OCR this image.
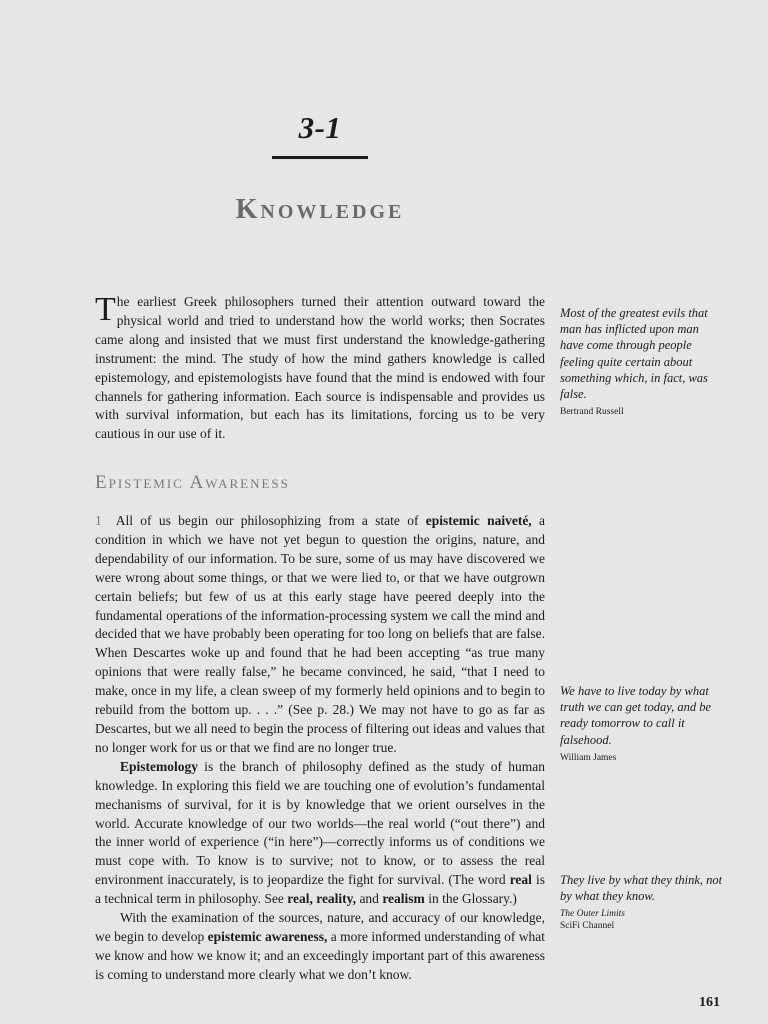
3-1
Knowledge
The earliest Greek philosophers turned their attention outward toward the physical world and tried to understand how the world works; then Socrates came along and insisted that we must first understand the knowledge-gathering instrument: the mind. The study of how the mind gathers knowledge is called epistemology, and epistemologists have found that the mind is endowed with four channels for gathering information. Each source is indispensable and provides us with survival information, but each has its limitations, forcing us to be very cautious in our use of it.
Most of the greatest evils that man has inflicted upon man have come through people feeling quite certain about something which, in fact, was false.
Bertrand Russell
Epistemic Awareness

1 All of us begin our philosophizing from a state of epistemic naiveté, a condition in which we have not yet begun to question the origins, nature, and dependability of our information. To be sure, some of us may have discovered we were wrong about some things, or that we were lied to, or that we have outgrown certain beliefs; but few of us at this early stage have peered deeply into the fundamental operations of the information-processing system we call the mind and decided that we have probably been operating for too long on beliefs that are false. When Descartes woke up and found that he had been accepting “as true many opinions that were really false,” he became convinced, he said, “that I need to make, once in my life, a clean sweep of my formerly held opinions and to begin to rebuild from the bottom up. . . .” (See p. 28.) We may not have to go as far as Descartes, but we all need to begin the process of filtering out ideas and values that no longer work for us or that we find are no longer true.

Epistemology is the branch of philosophy defined as the study of human knowledge. In exploring this field we are touching one of evolution’s fundamental mechanisms of survival, for it is by knowledge that we orient ourselves in the world. Accurate knowledge of our two worlds—the real world (“out there”) and the inner world of experience (“in here”)—correctly informs us of conditions we must cope with. To know is to survive; not to know, or to assess the real environment inaccurately, is to jeopardize the fight for survival. (The word real is a technical term in philosophy. See real, reality, and realism in the Glossary.)

With the examination of the sources, nature, and accuracy of our knowledge, we begin to develop epistemic awareness, a more informed understanding of what we know and how we know it; and an exceedingly important part of this awareness is coming to understand more clearly what we don’t know.

We have to live today by what truth we can get today, and be ready tomorrow to call it falsehood.
William James
They live by what they think, not by what they know.
The Outer Limits
SciFi Channel
161
